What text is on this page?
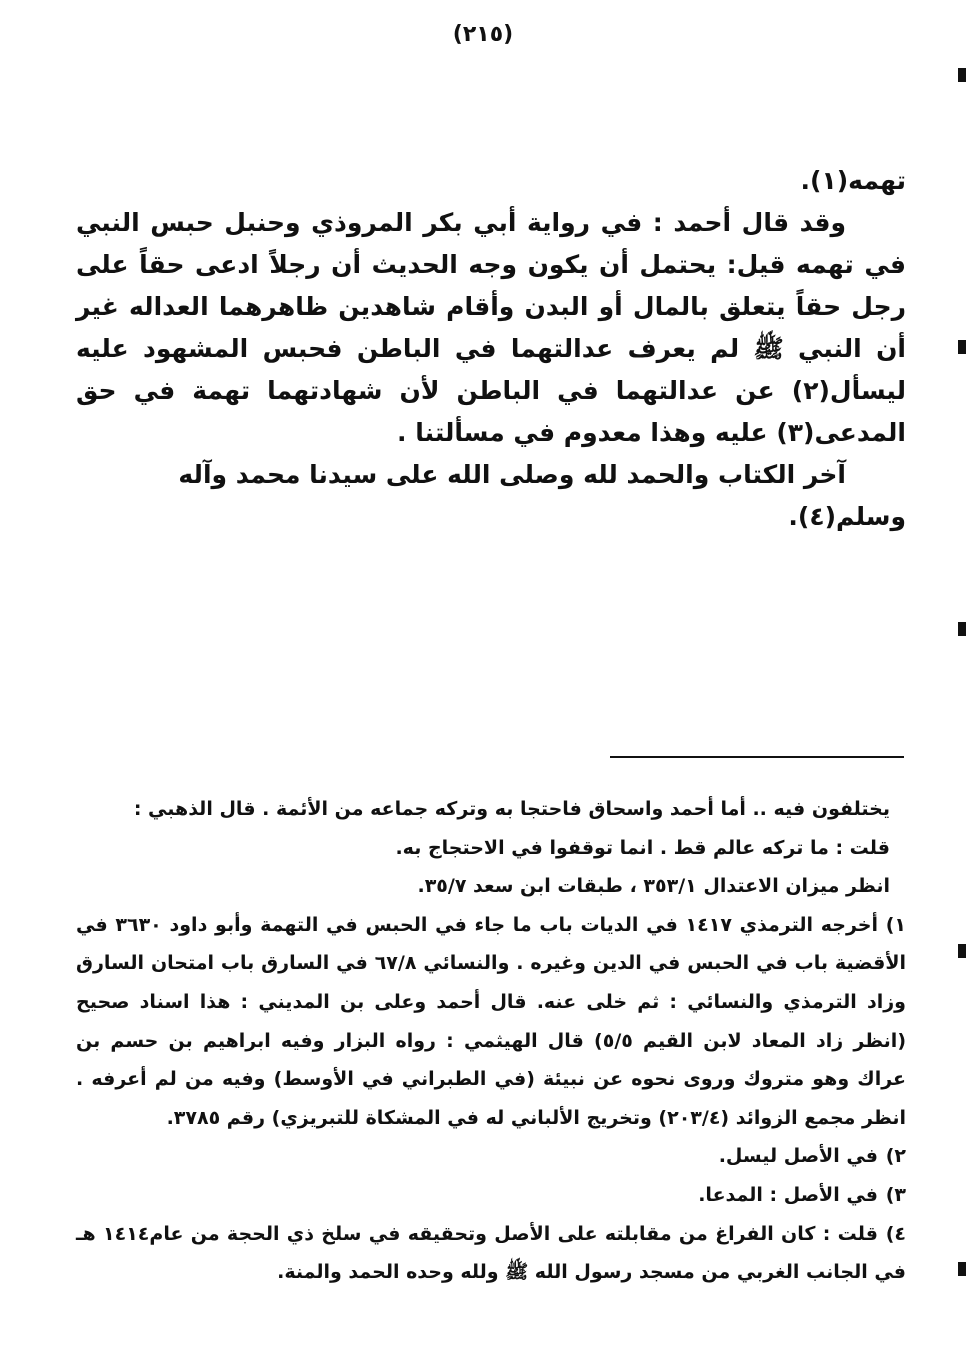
(٢١٥)

تهمه(١).

وقد قال أحمد : في رواية أبي بكر المروذي وحنبل حبس النبي في تهمه قيل: يحتمل أن يكون وجه الحديث أن رجلاً ادعى حقاً على رجل حقاً يتعلق بالمال أو البدن وأقام شاهدين ظاهرهما العداله غير أن النبي ﷺ لم يعرف عدالتهما في الباطن فحبس المشهود عليه ليسأل(٢) عن عدالتهما في الباطن لأن شهادتهما تهمة في حق المدعى(٣) عليه وهذا معدوم في مسألتنا .

آخر الكتاب والحمد لله وصلى الله على سيدنا محمد وآله وسلم(٤).

يختلفون فيه .. أما أحمد واسحاق فاحتجا به وتركه جماعه من الأئمة . قال الذهبي :

قلت : ما تركه عالم قط . انما توقفوا في الاحتجاج به.

انظر ميزان الاعتدال ٣٥٣/١ ، طبقات ابن سعد ٣٥/٧.

١)أخرجه الترمذي ١٤١٧ في الديات باب ما جاء في الحبس في التهمة وأبو داود ٣٦٣٠ في الأقضية باب في الحبس في الدين وغيره . والنسائي ٦٧/٨ في السارق باب امتحان السارق وزاد الترمذي والنسائي : ثم خلى عنه. قال أحمد وعلى بن المديني : هذا اسناد صحيح (انظر زاد المعاد لابن القيم ٥/٥) قال الهيثمي : رواه البزار وفيه ابراهيم بن حسم بن عراك وهو متروك وروى نحوه عن نبيئة (في الطبراني في الأوسط) وفيه من لم أعرفه . انظر مجمع الزوائد (٢٠٣/٤) وتخريج الألباني له في المشكاة للتبريزي) رقم ٣٧٨٥.

٢)في الأصل ليسل.

٣)في الأصل : المدعا.

٤)قلت : كان الفراغ من مقابلته على الأصل وتحقيقه في سلخ ذي الحجة من عام١٤١٤ هـ في الجانب الغربي من مسجد رسول الله ﷺ ولله وحده الحمد والمنة.
